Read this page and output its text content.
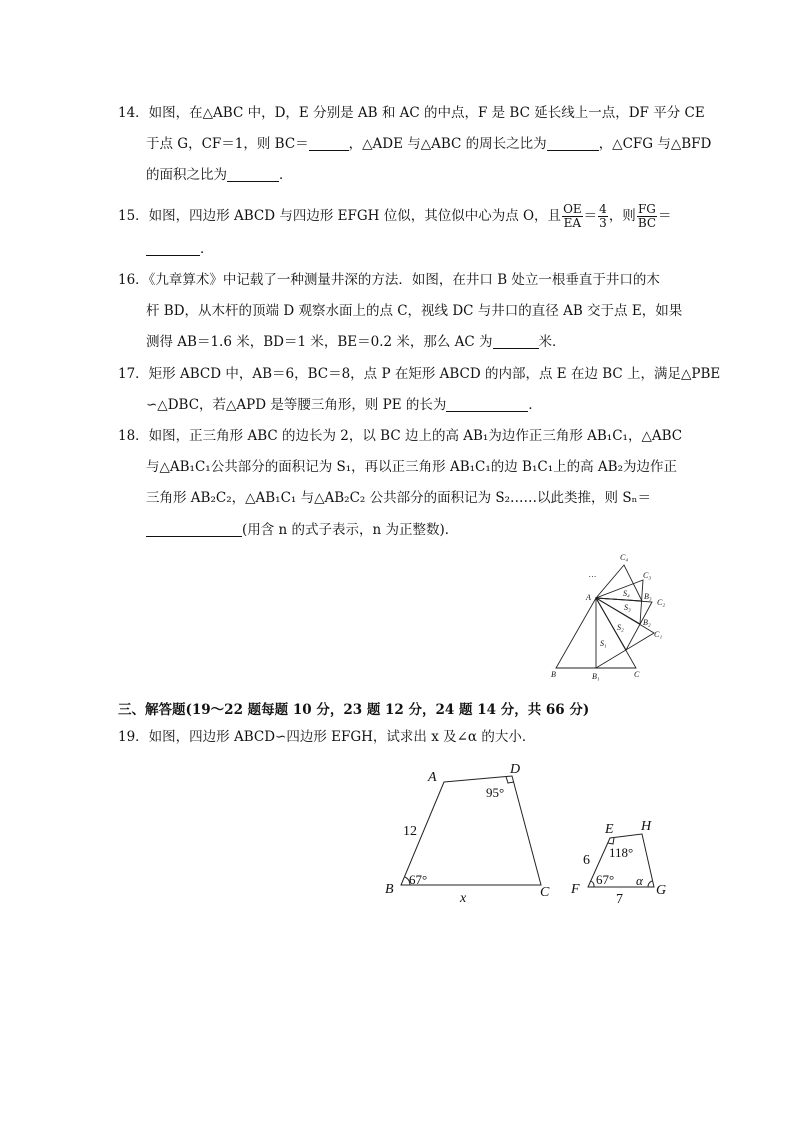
14．如图，在△ABC 中，D，E 分别是 AB 和 AC 的中点，F 是 BC 延长线上一点，DF 平分 CE
于点 G，CF＝1，则 BC＝	，△ADE 与△ABC 的周长之比为	，△CFG 与△BFD
的面积之比为	．
15．如图，四边形 ABCD 与四边形 EFGH 位似，其位似中心为点 O，且 $\frac{OE}{EA} = \frac{4}{3}$ ，则 $\frac{FG}{BC}$ ＝
．
16．《九章算术》中记载了一种测量井深的方法．如图，在井口 B 处立一根垂直于井口的木
杆 BD，从木杆的顶端 D 观察水面上的点 C，视线 DC 与井口的直径 AB 交于点 E，如果
测得 AB＝1.6 米，BD＝1 米，BE＝0.2 米，那么 AC 为	米．
17．矩形 ABCD 中，AB＝6，BC＝8，点 P 在矩形 ABCD 的内部，点 E 在边 BC 上，满足△PBE
∽△DBC，若△APD 是等腰三角形，则 PE 的长为	．
18．如图，正三角形 ABC 的边长为 2，以 BC 边上的高 AB₁为边作正三角形 AB₁C₁，△ABC
与△AB₁C₁公共部分的面积记为 S₁，再以正三角形 AB₁C₁的边 B₁C₁上的高 AB₂为边作正
三角形 AB₂C₂，△AB₁C₁ 与△AB₂C₂ 公共部分的面积记为 S₂……以此类推，则 Sₙ＝
(用含 n 的式子表示，n 为正整数)．
C₄
C₃
S₄ B₃
C₂
A
S₃
B₂
S₂
C₁
S₁
B₁
B	C
…
三、解答题(19～22 题每题 10 分，23 题 12 分，24 题 14 分，共 66 分)
19．如图，四边形 ABCD∽四边形 EFGH，试求出 x 及∠α 的大小．
A
D
B	C
12
x
67°
95°
E H
F	G
6
7
67°
118°
α
